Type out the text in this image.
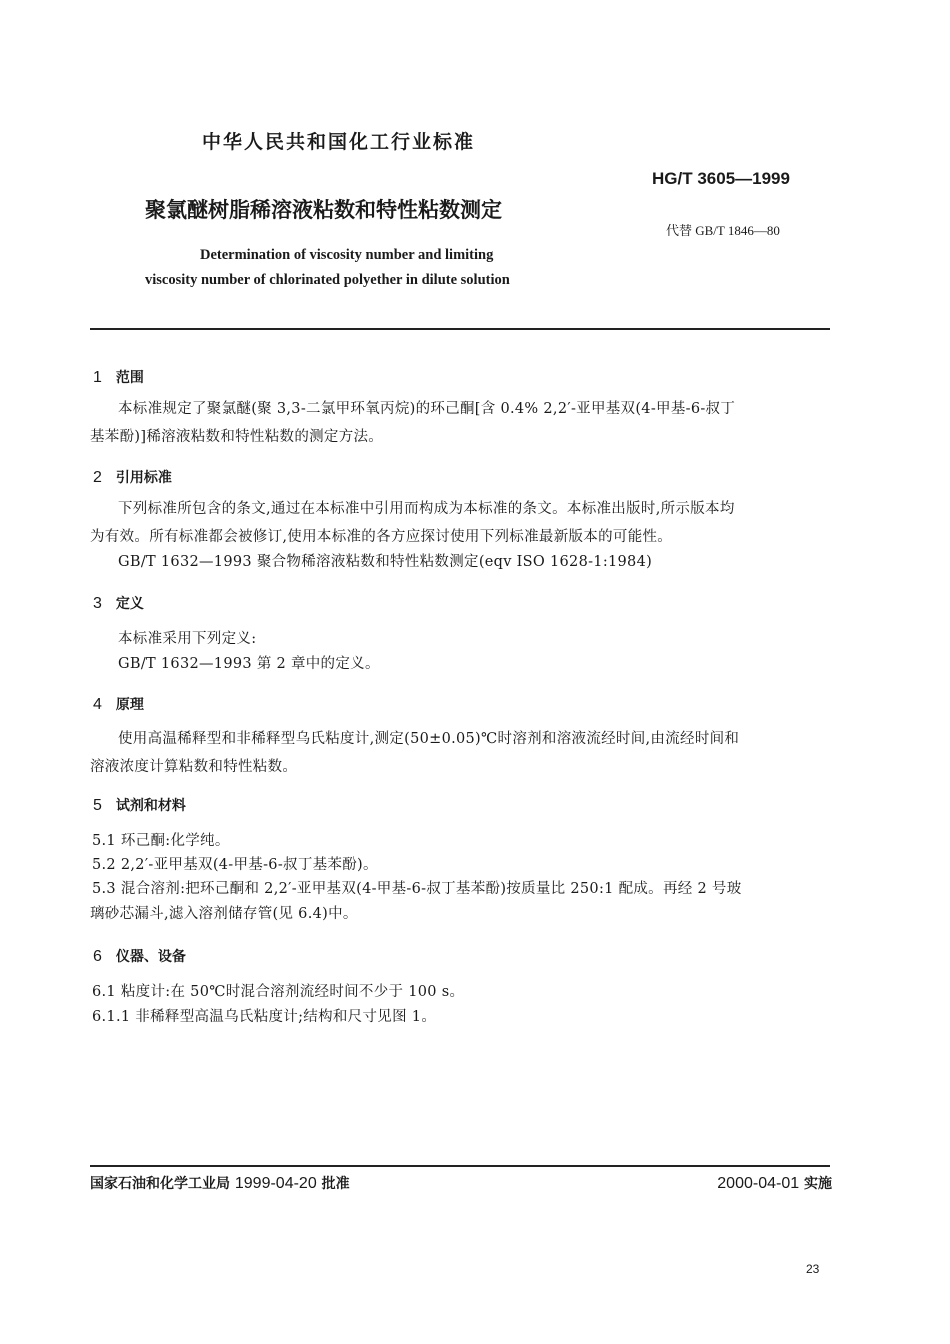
中华人民共和国化工行业标准
HG/T 3605—1999
聚氯醚树脂稀溶液粘数和特性粘数测定
代替 GB/T 1846—80
Determination of viscosity number and limiting
viscosity number of chlorinated polyether in dilute solution
1 范围
本标准规定了聚氯醚(聚 3,3-二氯甲环氧丙烷)的环己酮[含 0.4% 2,2′-亚甲基双(4-甲基-6-叔丁
基苯酚)]稀溶液粘数和特性粘数的测定方法。
2 引用标准
下列标准所包含的条文,通过在本标准中引用而构成为本标准的条文。本标准出版时,所示版本均
为有效。所有标准都会被修订,使用本标准的各方应探讨使用下列标准最新版本的可能性。
GB/T 1632—1993 聚合物稀溶液粘数和特性粘数测定(eqv ISO 1628-1:1984)
3 定义
本标准采用下列定义:
GB/T 1632—1993 第 2 章中的定义。
4 原理
使用高温稀释型和非稀释型乌氏粘度计,测定(50±0.05)℃时溶剂和溶液流经时间,由流经时间和
溶液浓度计算粘数和特性粘数。
5 试剂和材料
5.1 环己酮:化学纯。
5.2 2,2′-亚甲基双(4-甲基-6-叔丁基苯酚)。
5.3 混合溶剂:把环己酮和 2,2′-亚甲基双(4-甲基-6-叔丁基苯酚)按质量比 250:1 配成。再经 2 号玻
璃砂芯漏斗,滤入溶剂储存管(见 6.4)中。
6 仪器、设备
6.1 粘度计:在 50℃时混合溶剂流经时间不少于 100 s。
6.1.1 非稀释型高温乌氏粘度计;结构和尺寸见图 1。
国家石油和化学工业局 1999-04-20 批准	2000-04-01 实施
23
